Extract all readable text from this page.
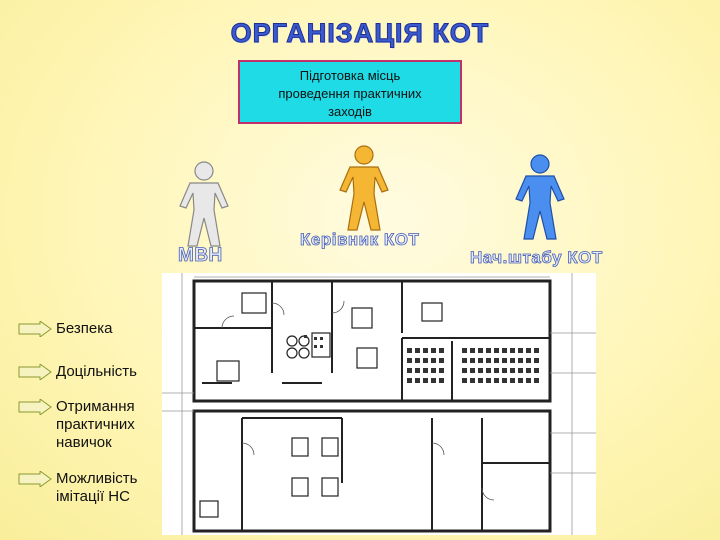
ОРГАНІЗАЦІЯ КОТ
Підготовка місць
проведення практичних
заходів
МВН
Керівник КОТ
Нач.штабу КОТ
Безпека
Доцільність
Отримання
практичних
навичок
Можливість
імітації НС
